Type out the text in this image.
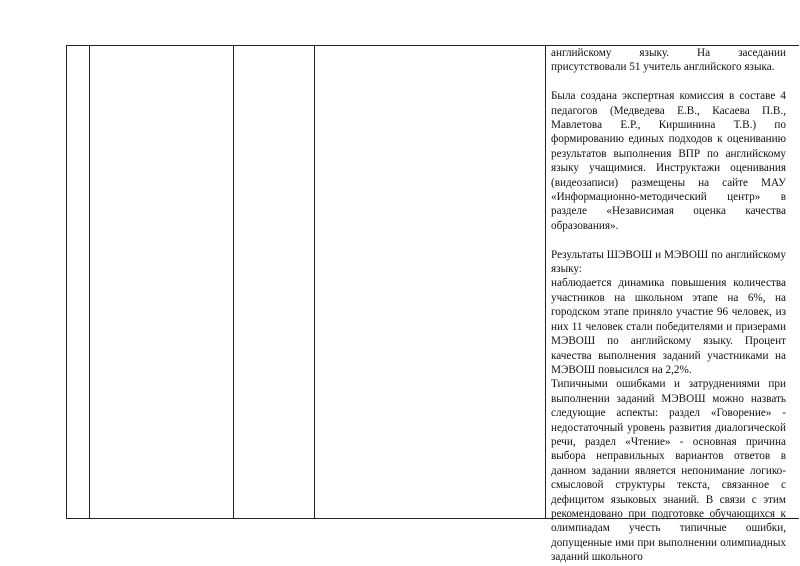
английскому языку. На заседании присутствовали 51 учитель английского языка.

Была создана экспертная комиссия в составе 4 педагогов (Медведева Е.В., Касаева П.В., Мавлетова Е.Р., Киршинина Т.В.) по формированию единых подходов к оцениванию результатов выполнения ВПР по английскому языку учащимися. Инструктажи оценивания (видеозаписи) размещены на сайте МАУ «Информационно-методический центр» в разделе «Независимая оценка качества образования».

Результаты ШЭВОШ и МЭВОШ по английскому языку:

наблюдается динамика повышения количества участников на школьном этапе на 6%, на городском этапе приняло участие 96 человек, из них 11 человек стали победителями и призерами МЭВОШ по английскому языку. Процент качества выполнения заданий участниками на МЭВОШ повысился на 2,2%.

Типичными ошибками и затруднениями при выполнении заданий МЭВОШ можно назвать следующие аспекты: раздел «Говорение» - недостаточный уровень развития диалогической речи, раздел «Чтение» - основная причина выбора неправильных вариантов ответов в данном задании является непонимание логико-смысловой структуры текста, связанное с дефицитом языковых знаний. В связи с этим рекомендовано при подготовке обучающихся к олимпиадам учесть типичные ошибки, допущенные ими при выполнении олимпиадных заданий школьного
